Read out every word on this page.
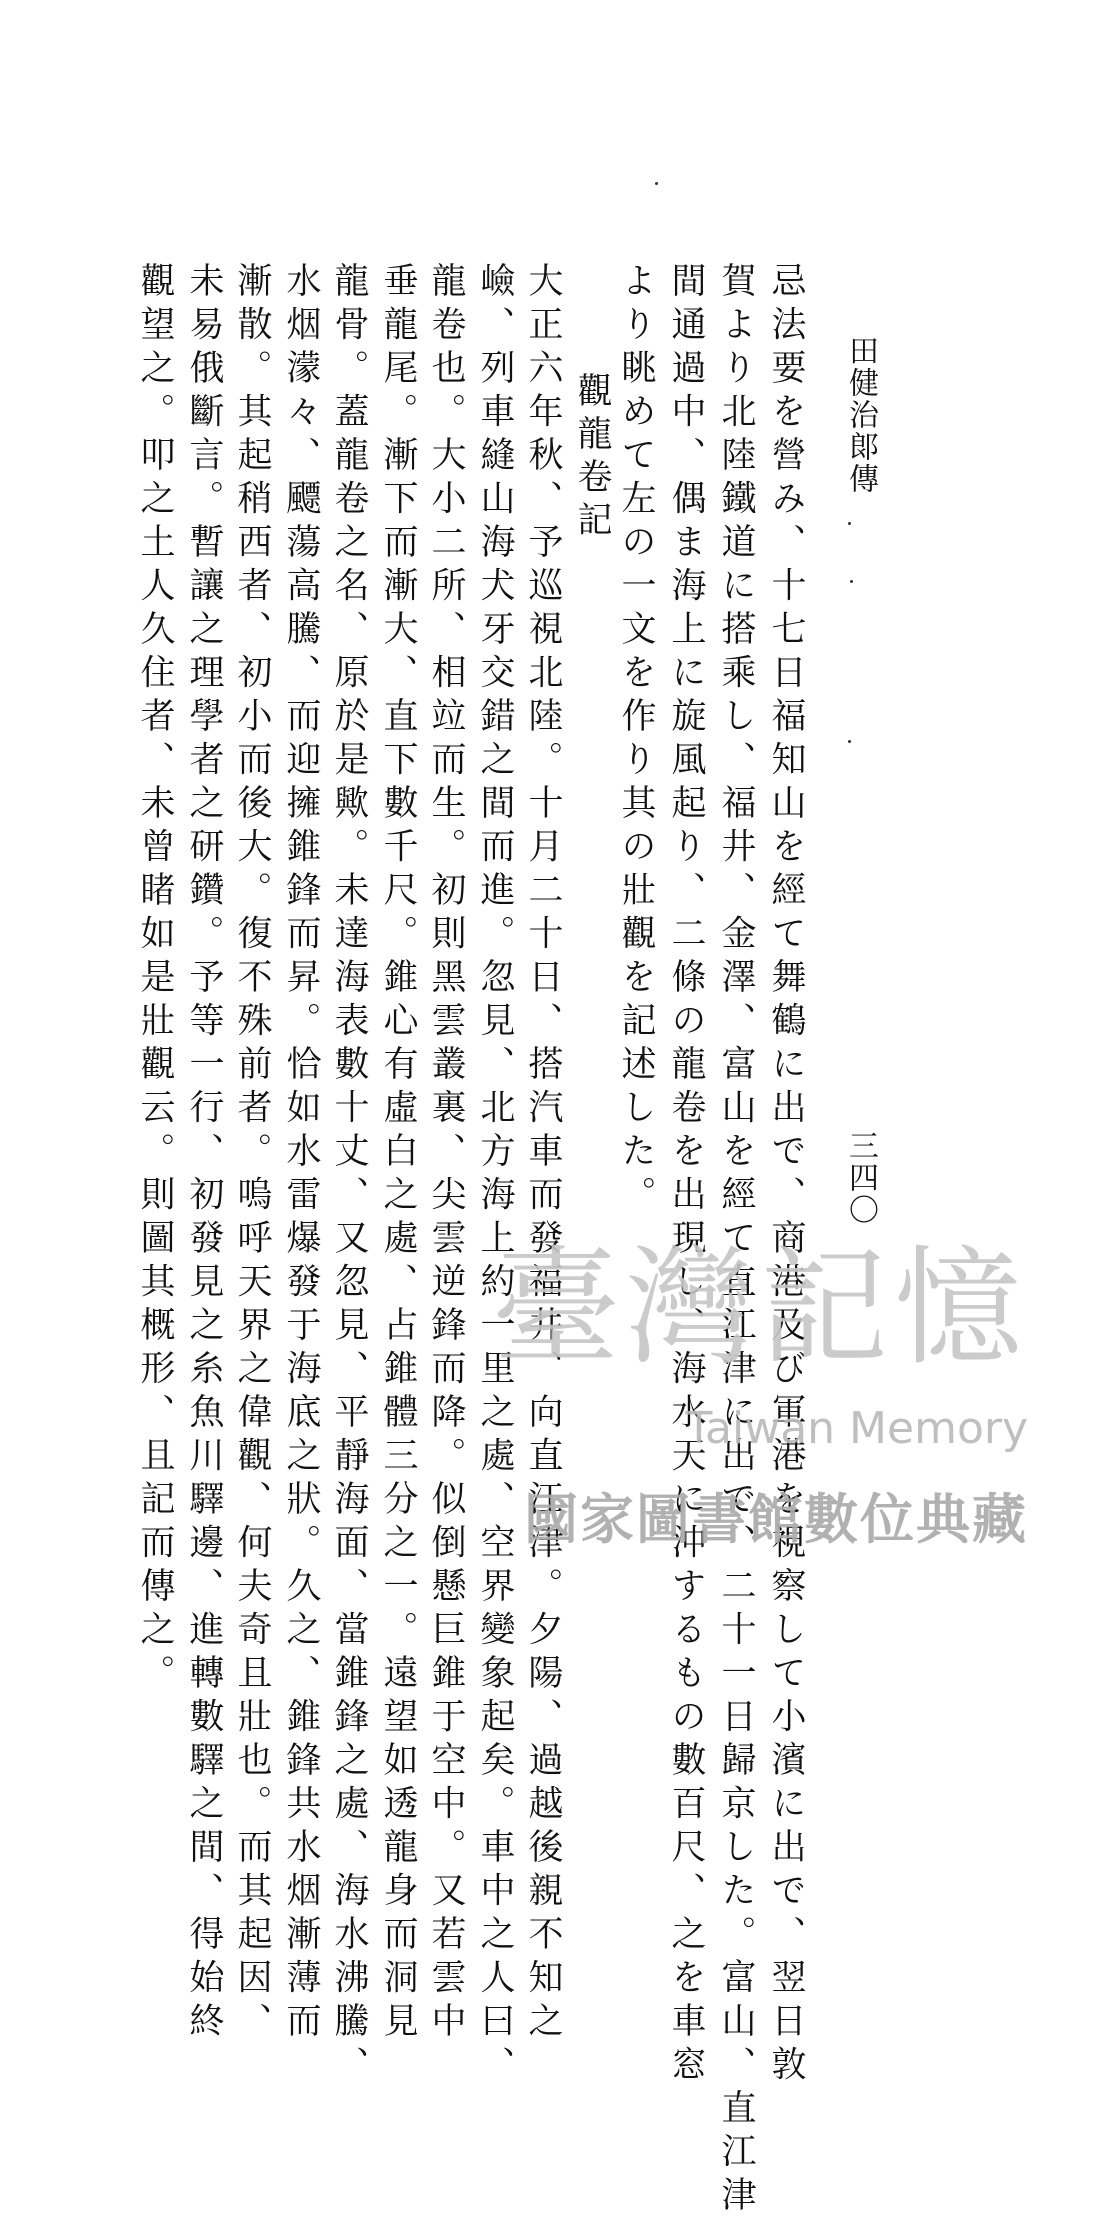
田健治郞傳
三四〇
忌法要を營み、十七日福知山を經て舞鶴に出で、商港及び軍港を視察して小濱に出で、翌日敦
賀より北陸鐵道に搭乘し、福井、金澤、富山を經て直江津に出で、二十一日歸京した。富山、直江津
間通過中、偶ま海上に旋風起り、二條の龍卷を出現し、海水天に沖するもの數百尺、之を車窓
より眺めて左の一文を作り其の壯觀を記述した。
觀龍卷記
大正六年秋、予巡視北陸。十月二十日、搭汽車而發福井、向直江津。夕陽、過越後親不知之
嶮、列車縫山海犬牙交錯之間而進。忽見、北方海上約一里之處、空界變象起矣。車中之人曰、
龍卷也。大小二所、相竝而生。初則黑雲叢裏、尖雲逆鋒而降。似倒懸巨錐于空中。又若雲中
垂龍尾。漸下而漸大、直下數千尺。錐心有虛白之處、占錐體三分之一。遠望如透龍身而洞見
龍骨。蓋龍卷之名、原於是歟。未達海表數十丈、又忽見、平靜海面、當錐鋒之處、海水沸騰、
水烟濛々、飃蕩高騰、而迎擁錐鋒而昇。恰如水雷爆發于海底之狀。久之、錐鋒共水烟漸薄而
漸散。其起稍西者、初小而後大。復不殊前者。嗚呼天界之偉觀、何夫奇且壯也。而其起因、
未易俄斷言。暫讓之理學者之研鑽。予等一行、初發見之糸魚川驛邊、進轉數驛之間、得始終
觀望之。叩之土人久住者、未曾睹如是壯觀云。則圖其概形、且記而傳之。 臺灣記憶
Taiwan Memory
國家圖書館數位典藏
